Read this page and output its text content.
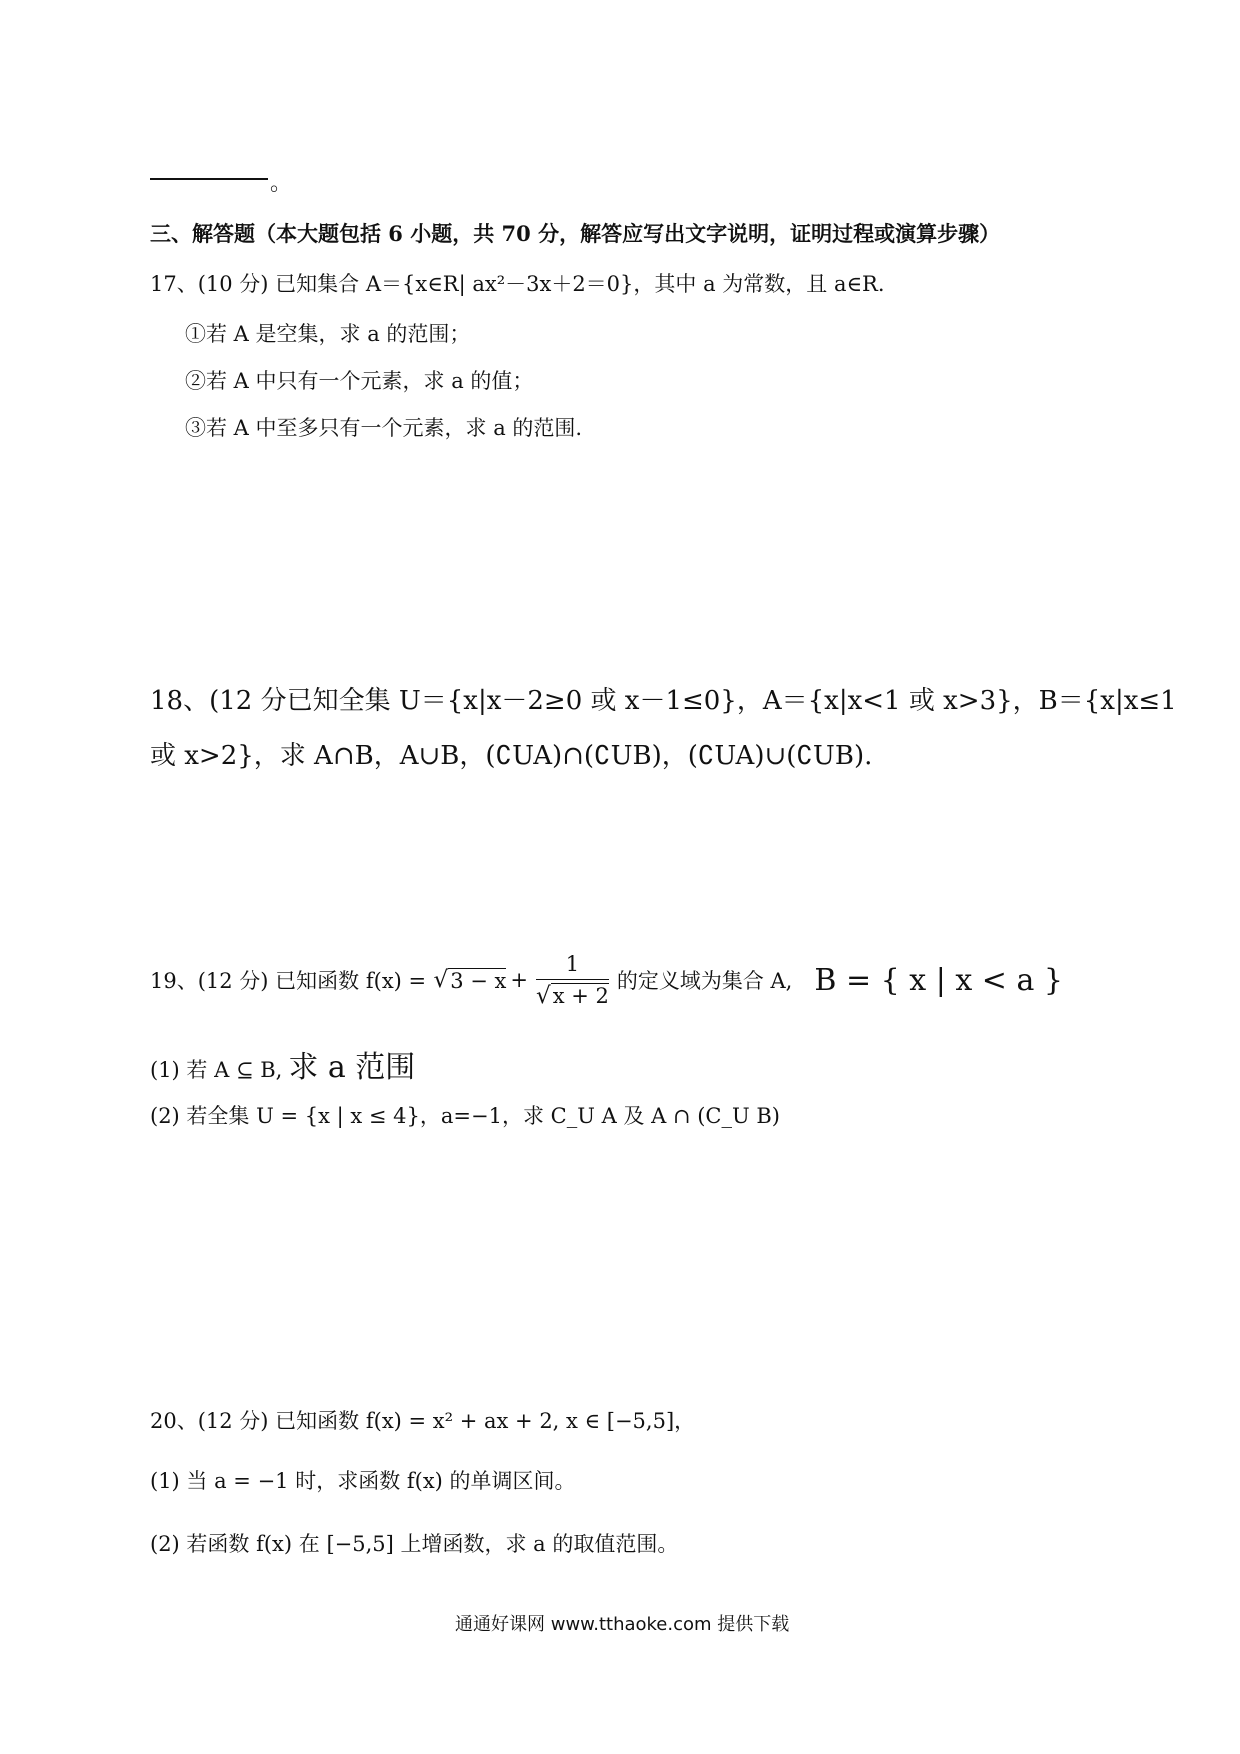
。
三、解答题（本大题包括 6 小题，共 70 分，解答应写出文字说明，证明过程或演算步骤）
17、(10 分) 已知集合 A＝{x∈R| ax²－3x＋2＝0}，其中 a 为常数，且 a∈R.
①若 A 是空集，求 a 的范围；
②若 A 中只有一个元素，求 a 的值；
③若 A 中至多只有一个元素，求 a 的范围.
18、(12 分已知全集 U＝{x|x－2≥0 或 x－1≤0}，A＝{x|x<1 或 x>3}，B＝{x|x≤1
或 x>2}，求 A∩B，A∪B，(∁UA)∩(∁UB)，(∁UA)∪(∁UB).
19、(12 分) 已知函数 f(x) = √ $3 - x + \frac{1}{√x + 2}$ 的定义域为集合 A, B = { x | x < a }
(1) 若 A ⊆ B, 求 a 范围
(2) 若全集 U = {x | x ≤ 4}，a=−1，求 C_U A 及 A ∩ (C_U B)
20、(12 分) 已知函数 f(x) = x² + ax + 2, x ∈ [−5,5]，
(1) 当 a = −1 时，求函数 f(x) 的单调区间。
(2) 若函数 f(x) 在 [−5,5] 上增函数，求 a 的取值范围。
通通好课网 www.tthaoke.com 提供下载
